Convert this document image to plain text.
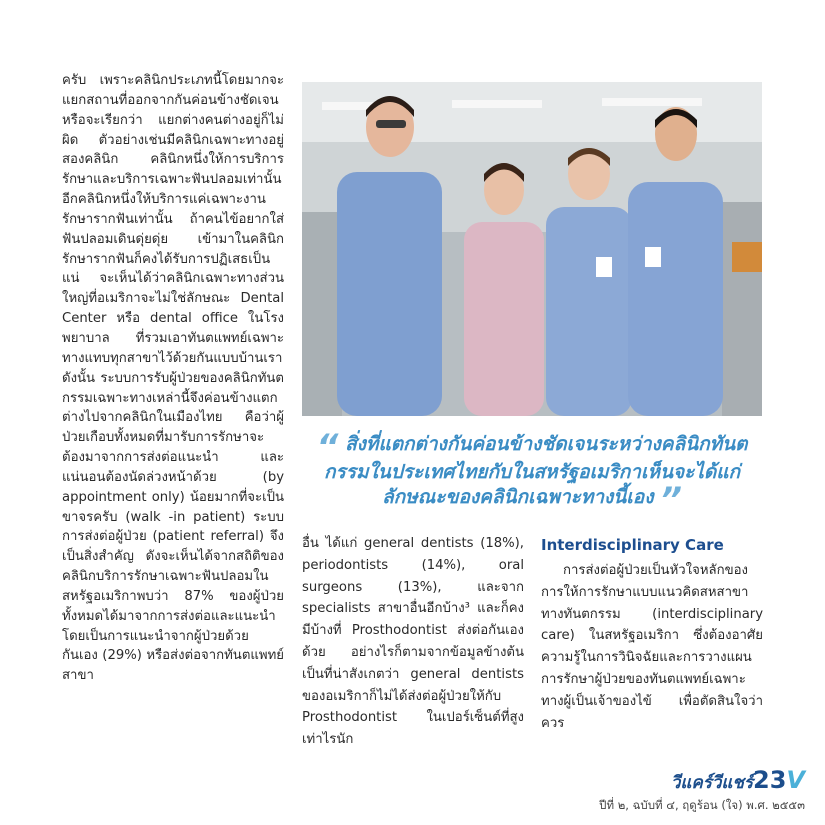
ครับ เพราะคลินิกประเภทนี้โดยมากจะแยกสถานที่ออกจากกันค่อนข้างชัดเจน หรือจะเรียกว่า แยกต่างคนต่างอยู่ก็ไม่ผิด ตัวอย่างเช่นมีคลินิกเฉพาะทางอยู่สองคลินิก คลินิกหนึ่งให้การบริการรักษาและบริการเฉพาะฟันปลอมเท่านั้น อีกคลินิกหนึ่งให้บริการแค่เฉพาะงานรักษารากฟันเท่านั้น ถ้าคนไข้อยากใส่ฟันปลอมเดินดุ่ยดุ่ย เข้ามาในคลินิกรักษารากฟันก็คงได้รับการปฏิเสธเป็นแน่ จะเห็นได้ว่าคลินิกเฉพาะทางส่วนใหญ่ที่อเมริกาจะไม่ใช่ลักษณะ Dental Center หรือ dental office ในโรงพยาบาล ที่รวมเอาทันตแพทย์เฉพาะทางแทบทุกสาขาไว้ด้วยกันแบบบ้านเรา ดังนั้น ระบบการรับผู้ป่วยของคลินิกทันตกรรมเฉพาะทางเหล่านี้จึงค่อนข้างแตกต่างไปจากคลินิกในเมืองไทย คือว่าผู้ป่วยเกือบทั้งหมดที่มารับการรักษาจะต้องมาจากการส่งต่อแนะนำ และแน่นอนต้องนัดล่วงหน้าด้วย (by appointment only) น้อยมากที่จะเป็นขาจรครับ (walk -in patient) ระบบการส่งต่อผู้ป่วย (patient referral) จึงเป็นสิ่งสำคัญ ดังจะเห็นได้จากสถิติของคลินิกบริการรักษาเฉพาะฟันปลอมในสหรัฐอเมริกาพบว่า 87% ของผู้ป่วยทั้งหมดได้มาจากการส่งต่อและแนะนำโดยเป็นการแนะนำจากผู้ป่วยด้วยกันเอง (29%) หรือส่งต่อจากทันตแพทย์สาขา

“ สิ่งที่แตกต่างกันค่อนข้างชัดเจนระหว่างคลินิกทันตกรรมในประเทศไทยกับในสหรัฐอเมริกาเห็นจะได้แก่ลักษณะของคลินิกเฉพาะทางนี้เอง ”

อื่น ได้แก่ general dentists (18%), periodontists (14%), oral surgeons (13%), และจาก specialists สาขาอื่นอีกบ้าง³ และก็คงมีบ้างที่ Prosthodontist ส่งต่อกันเองด้วย อย่างไรก็ตามจากข้อมูลข้างต้นเป็นที่น่าสังเกตว่า general dentists ของอเมริกาก็ไม่ได้ส่งต่อผู้ป่วยให้กับ Prosthodontist ในเปอร์เซ็นต์ที่สูงเท่าไรนัก

Interdisciplinary Care

การส่งต่อผู้ป่วยเป็นหัวใจหลักของการให้การรักษาแบบแนวคิดสหสาขาทางทันตกรรม (interdisciplinary care) ในสหรัฐอเมริกา ซึ่งต้องอาศัยความรู้ในการวินิจฉัยและการวางแผนการรักษาผู้ป่วยของทันตแพทย์เฉพาะทางผู้เป็นเจ้าของไข้ เพื่อตัดสินใจว่าควร

วีแคร์วีแชร์23V
ปีที่ ๒, ฉบับที่ ๔, ฤดูร้อน (ใจ) พ.ศ. ๒๕๕๓
